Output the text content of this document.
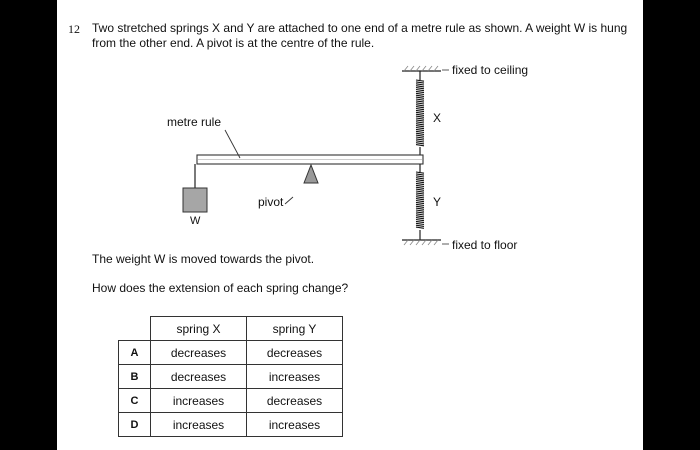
12 Two stretched springs X and Y are attached to one end of a metre rule as shown. A weight W is hung from the other end. A pivot is at the centre of the rule.
fixed to ceiling
fixed to floor
metre rule
pivot
W
X
Y
The weight W is moved towards the pivot.
How does the extension of each spring change?
	spring X	spring Y
A	decreases	decreases
B	decreases	increases
C	increases	decreases
D	increases	increases
